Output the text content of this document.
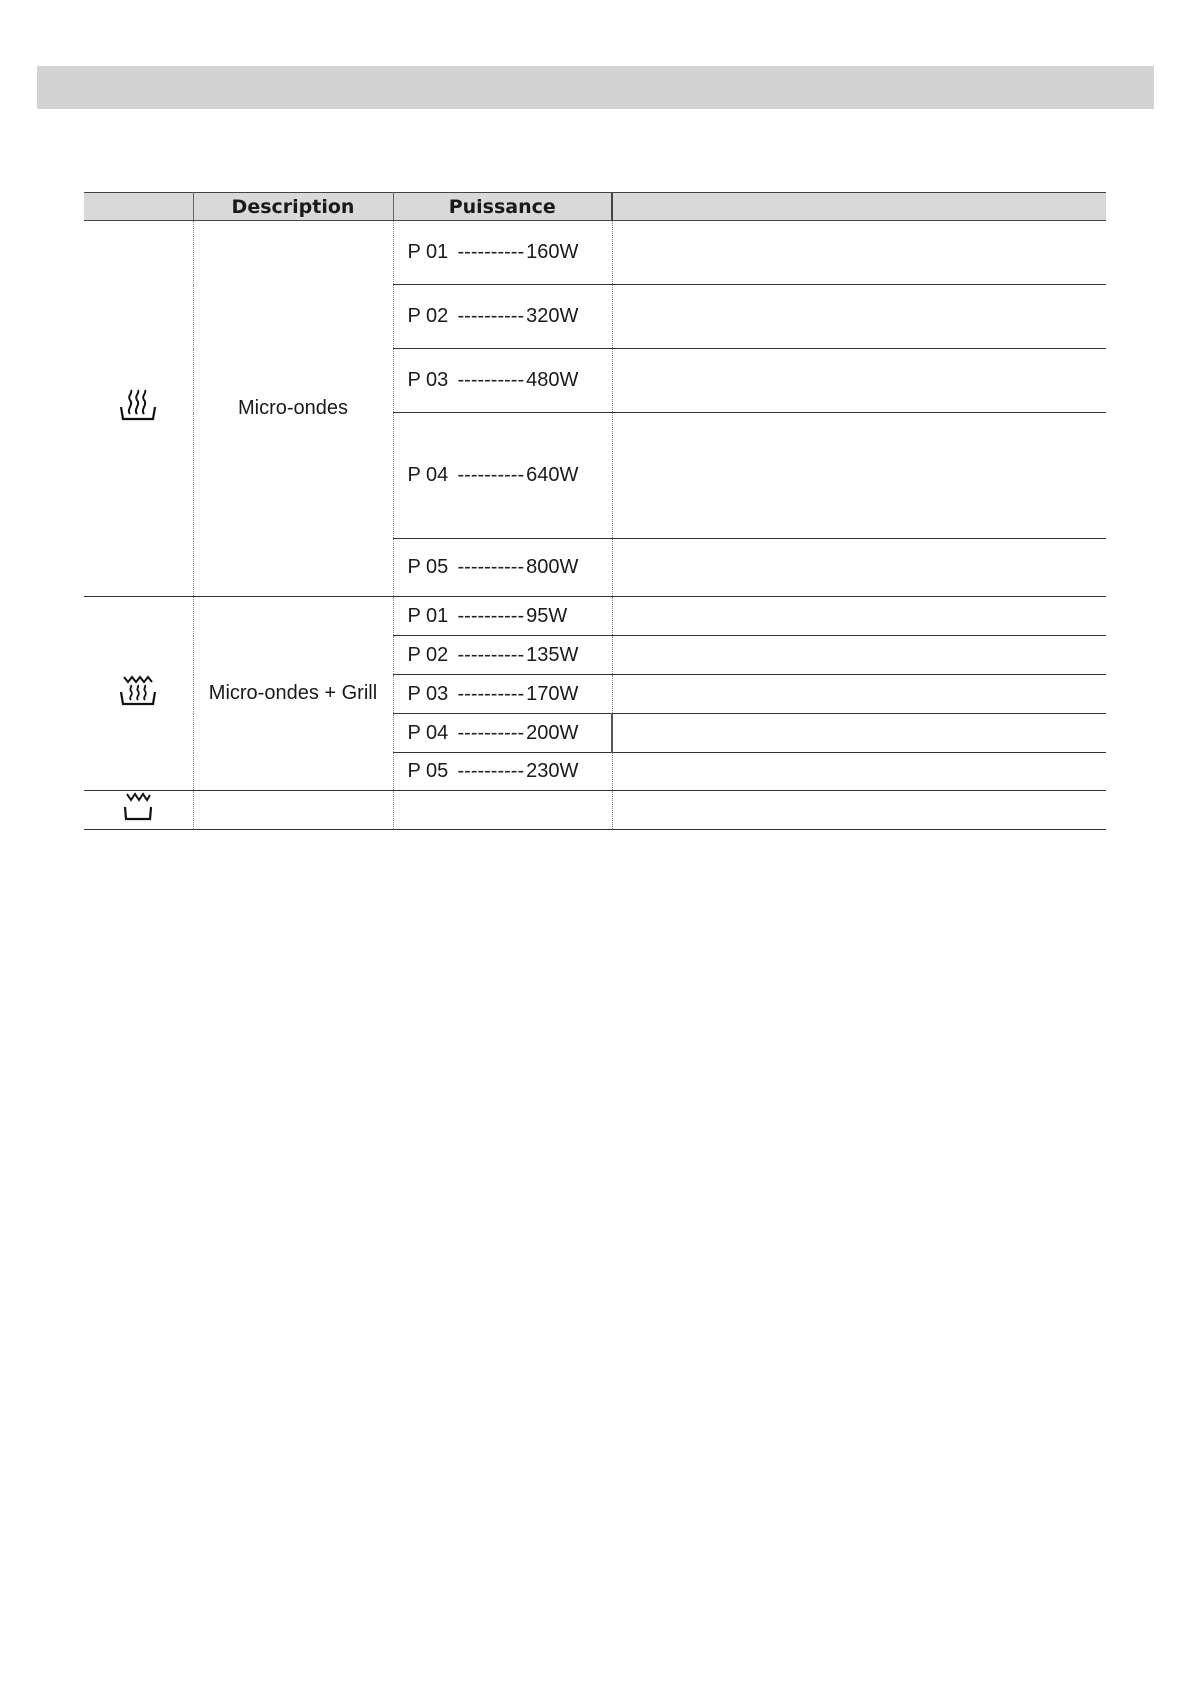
	Description	Puissance	
	Micro-ondes	P 01 ---------- 160W	
		P 02 ---------- 320W	
		P 03 ---------- 480W	
		P 04 ---------- 640W	
		P 05 ---------- 800W	
	Micro-ondes + Grill	P 01 ---------- 95W	
		P 02 ---------- 135W	
		P 03 ---------- 170W	
		P 04 ---------- 200W	
		P 05 ---------- 230W	
